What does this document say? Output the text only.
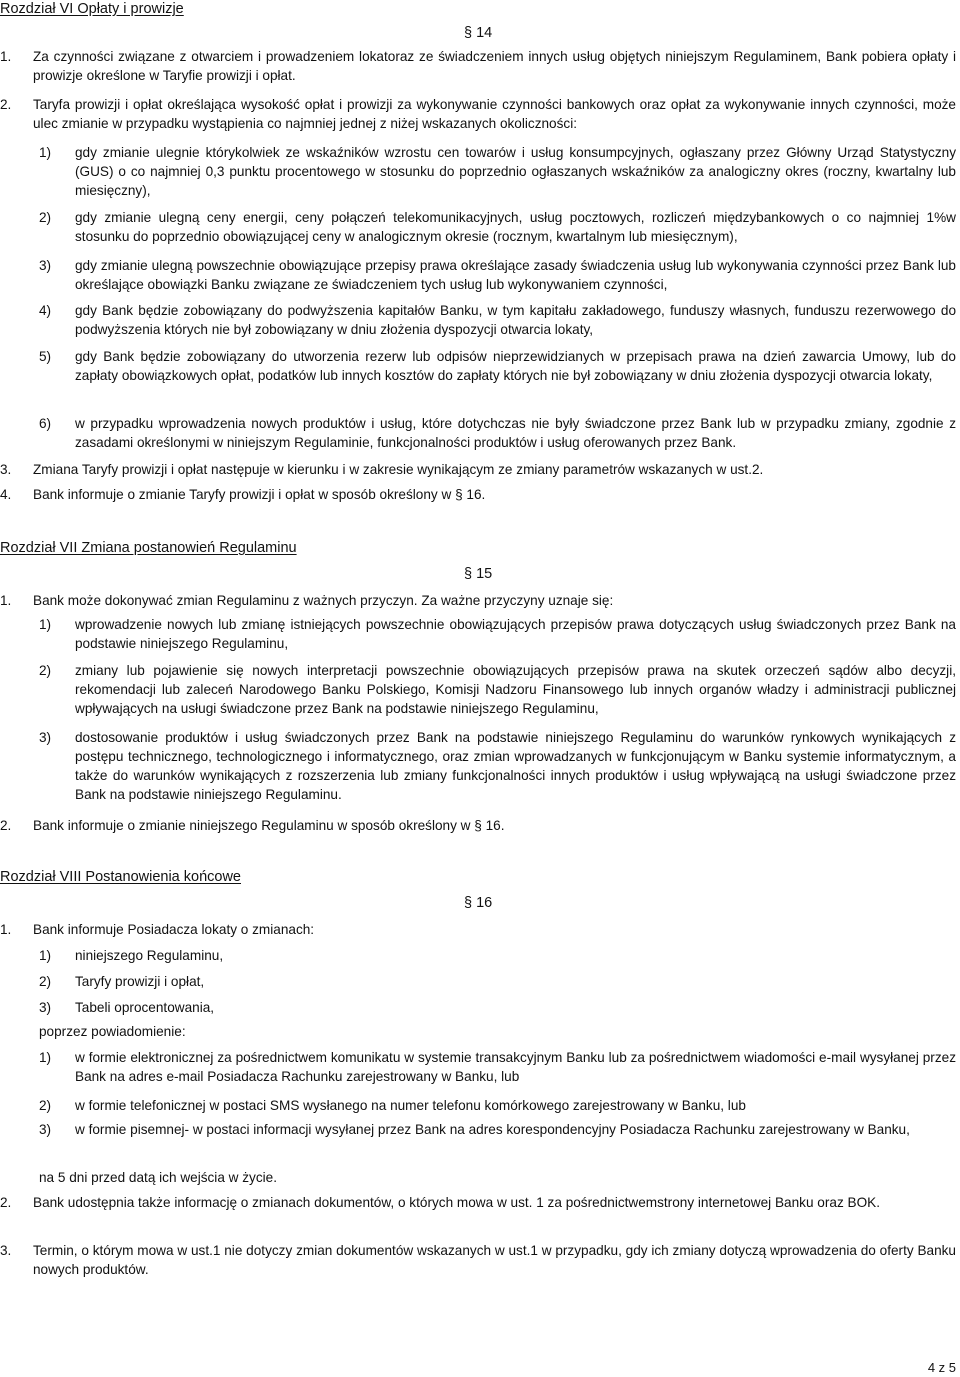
Rozdział VI Opłaty i prowizje
§ 14

1.	Za czynności związane z otwarciem i prowadzeniem lokatoraz ze świadczeniem innych usług objętych niniejszym Regulaminem, Bank pobiera opłaty i prowizje określone w Taryfie prowizji i opłat.

2.	Taryfa prowizji i opłat określająca wysokość opłat i prowizji za wykonywanie czynności bankowych oraz opłat za wykonywanie innych czynności, może ulec zmianie w przypadku wystąpienia co najmniej jednej z niżej wskazanych okoliczności:

1)	gdy zmianie ulegnie którykolwiek ze wskaźników wzrostu cen towarów i usług konsumpcyjnych, ogłaszany przez Główny Urząd Statystyczny (GUS) o co najmniej 0,3 punktu procentowego w stosunku do poprzednio ogłaszanych wskaźników za analogiczny okres (roczny, kwartalny lub miesięczny),

2)	gdy zmianie ulegną ceny energii, ceny połączeń telekomunikacyjnych, usług pocztowych, rozliczeń międzybankowych o co najmniej 1%w stosunku do poprzednio obowiązującej ceny w analogicznym okresie (rocznym, kwartalnym lub miesięcznym),

3)	gdy zmianie ulegną powszechnie obowiązujące przepisy prawa określające zasady świadczenia usług lub wykonywania czynności przez Bank lub określające obowiązki Banku związane ze świadczeniem tych usług lub wykonywaniem czynności,

4)	gdy Bank będzie zobowiązany do podwyższenia kapitałów Banku, w tym kapitału zakładowego, funduszy własnych, funduszu rezerwowego do podwyższenia których nie był zobowiązany w dniu złożenia dyspozycji otwarcia lokaty,

5)	gdy Bank będzie zobowiązany do utworzenia rezerw lub odpisów nieprzewidzianych w przepisach prawa na dzień zawarcia Umowy, lub do zapłaty obowiązkowych opłat, podatków lub innych kosztów do zapłaty których nie był zobowiązany w dniu złożenia dyspozycji otwarcia lokaty,

6)	w przypadku wprowadzenia nowych produktów i usług, które dotychczas nie były świadczone przez Bank lub w przypadku zmiany, zgodnie z zasadami określonymi w niniejszym Regulaminie, funkcjonalności produktów i usług oferowanych przez Bank.

3.	Zmiana Taryfy prowizji i opłat następuje w kierunku i w zakresie wynikającym ze zmiany parametrów wskazanych w ust.2.

4.	Bank informuje o zmianie Taryfy prowizji i opłat w sposób określony w § 16.

Rozdział VII Zmiana postanowień Regulaminu
§ 15

1.	Bank może dokonywać zmian Regulaminu z ważnych przyczyn. Za ważne przyczyny uznaje się:

1)	wprowadzenie nowych lub zmianę istniejących powszechnie obowiązujących przepisów prawa dotyczących usług świadczonych przez Bank na podstawie niniejszego Regulaminu,

2)	zmiany lub pojawienie się nowych interpretacji powszechnie obowiązujących przepisów prawa na skutek orzeczeń sądów albo decyzji, rekomendacji lub zaleceń Narodowego Banku Polskiego, Komisji Nadzoru Finansowego lub innych organów władzy i administracji publicznej wpływających na usługi świadczone przez Bank na podstawie niniejszego Regulaminu,

3)	dostosowanie produktów i usług świadczonych przez Bank na podstawie niniejszego Regulaminu do warunków rynkowych wynikających z postępu technicznego, technologicznego i informatycznego, oraz zmian wprowadzanych w funkcjonującym w Banku systemie informatycznym, a także do warunków wynikających z rozszerzenia lub zmiany funkcjonalności innych produktów i usług wpływającą na usługi świadczone przez Bank na podstawie niniejszego Regulaminu.

2.	Bank informuje o zmianie niniejszego Regulaminu w sposób określony w § 16.

Rozdział VIII Postanowienia końcowe
§ 16

1.	Bank informuje Posiadacza lokaty o zmianach:

1)	niniejszego Regulaminu,

2)	Taryfy prowizji i opłat,

3)	Tabeli oprocentowania,

poprzez powiadomienie:

1)	w formie elektronicznej za pośrednictwem komunikatu w systemie transakcyjnym Banku lub za pośrednictwem wiadomości e-mail wysyłanej przez Bank na adres e-mail Posiadacza Rachunku zarejestrowany w Banku, lub

2)	w formie telefonicznej w postaci SMS wysłanego na numer telefonu komórkowego zarejestrowany w Banku, lub

3)	w formie pisemnej- w postaci informacji wysyłanej przez Bank na adres korespondencyjny Posiadacza Rachunku zarejestrowany w Banku,

na 5 dni przed datą ich wejścia w życie.

2.	Bank udostępnia także informację o zmianach dokumentów, o których mowa w ust. 1 za pośrednictwemstrony internetowej Banku oraz BOK.

3.	Termin, o którym mowa w ust.1 nie dotyczy zmian dokumentów wskazanych w ust.1 w przypadku, gdy ich zmiany dotyczą wprowadzenia do oferty Banku nowych produktów.

4 z 5
